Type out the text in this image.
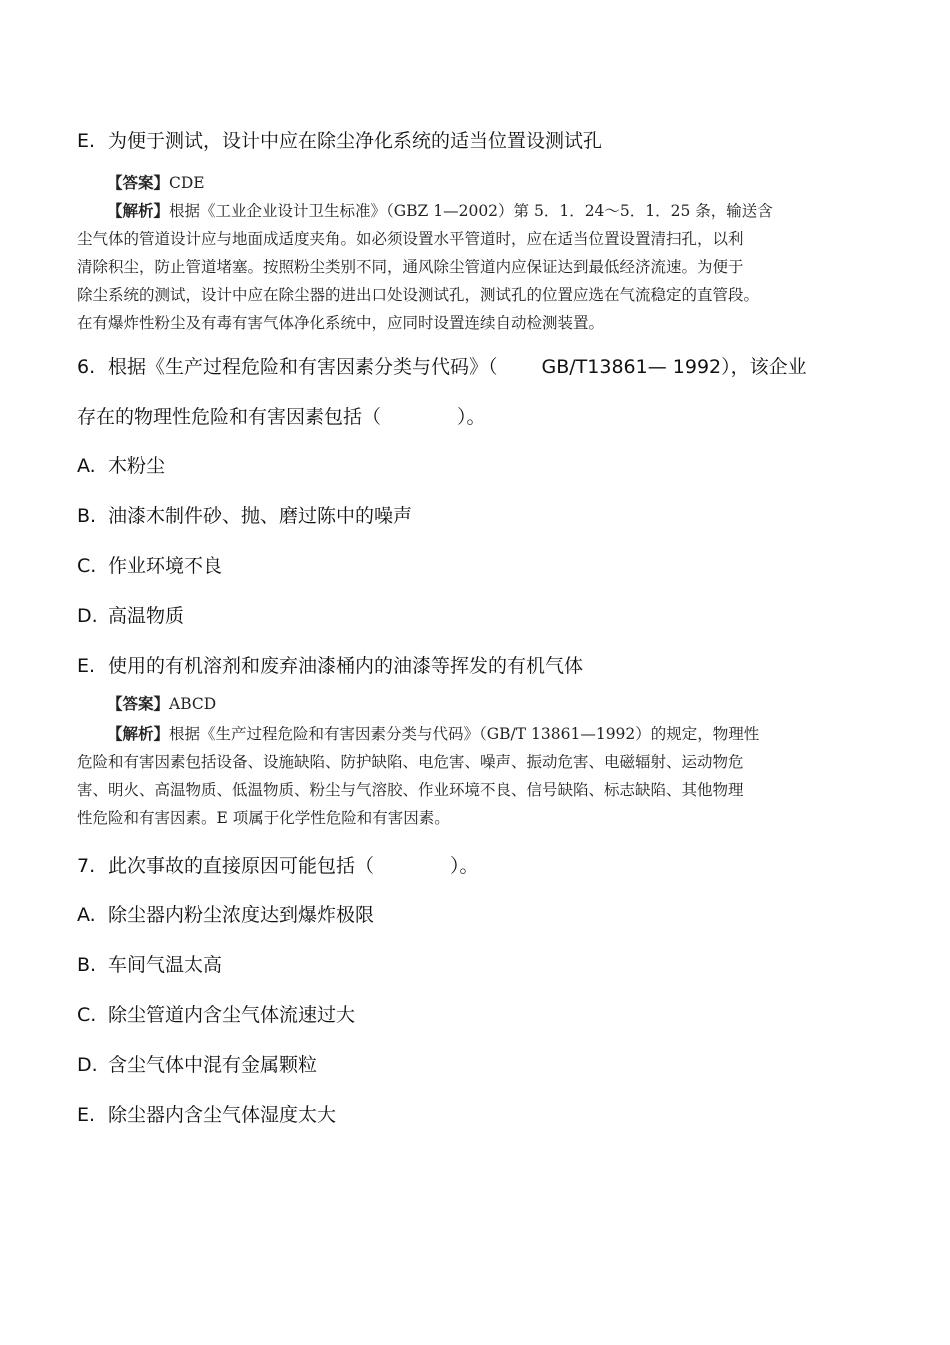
E. 为便于测试，设计中应在除尘净化系统的适当位置设测试孔
【答案】CDE
【解析】根据《工业企业设计卫生标准》（GBZ 1—2002）第 5．1．24～5．1．25 条，输送含
尘气体的管道设计应与地面成适度夹角。如必须设置水平管道时，应在适当位置设置清扫孔，以利
清除积尘，防止管道堵塞。按照粉尘类别不同，通风除尘管道内应保证达到最低经济流速。为便于
除尘系统的测试，设计中应在除尘器的进出口处设测试孔，测试孔的位置应选在气流稳定的直管段。
在有爆炸性粉尘及有毒有害气体净化系统中，应同时设置连续自动检测装置。
6. 根据《生产过程危险和有害因素分类与代码》（ GB/T13861— 1992），该企业
存在的物理性危险和有害因素包括（　　　　）。
A. 木粉尘
B. 油漆木制件砂、抛、磨过陈中的噪声
C. 作业环境不良
D. 高温物质
E. 使用的有机溶剂和废弃油漆桶内的油漆等挥发的有机气体
【答案】ABCD
【解析】根据《生产过程危险和有害因素分类与代码》（GB/T 13861—1992）的规定，物理性
危险和有害因素包括设备、设施缺陷、防护缺陷、电危害、噪声、振动危害、电磁辐射、运动物危
害、明火、高温物质、低温物质、粉尘与气溶胶、作业环境不良、信号缺陷、标志缺陷、其他物理
性危险和有害因素。E 项属于化学性危险和有害因素。
7. 此次事故的直接原因可能包括（　　　　）。
A. 除尘器内粉尘浓度达到爆炸极限
B. 车间气温太高
C. 除尘管道内含尘气体流速过大
D. 含尘气体中混有金属颗粒
E. 除尘器内含尘气体湿度太大
